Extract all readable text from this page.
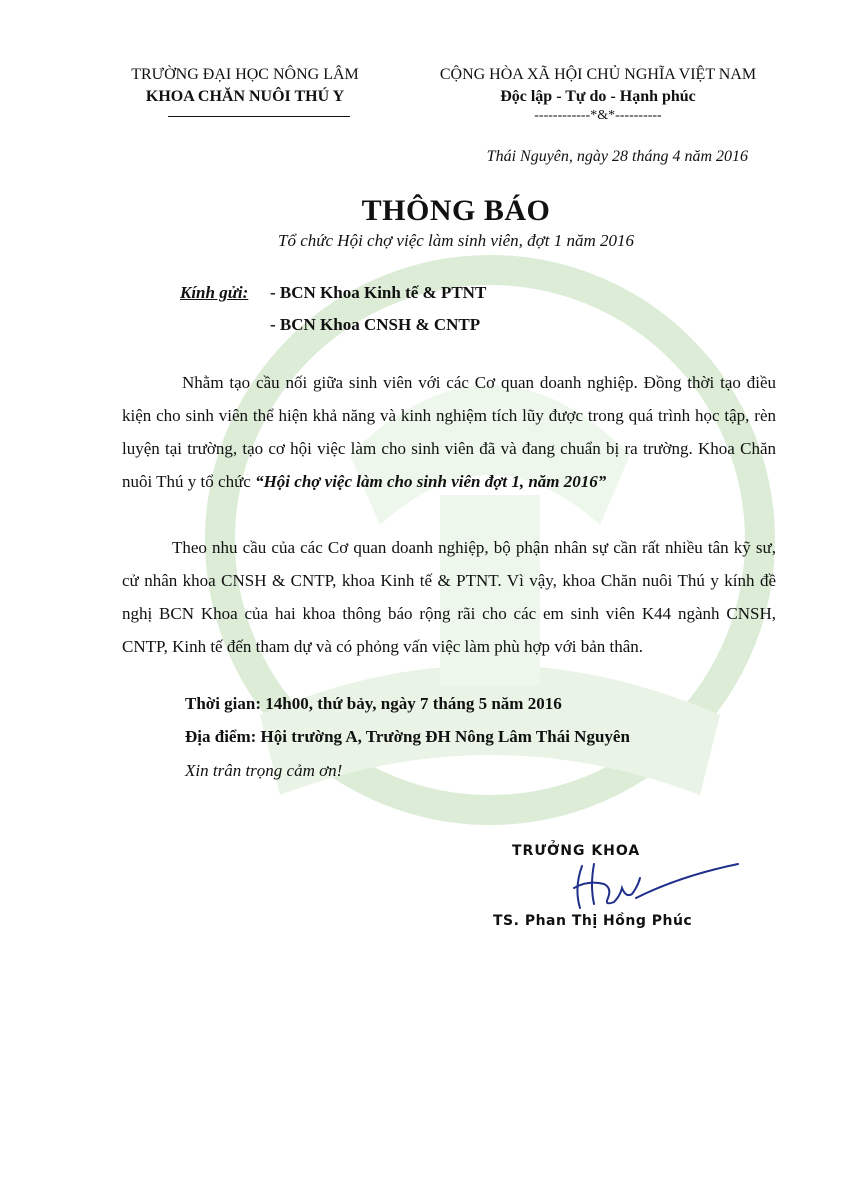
TRƯỜNG ĐẠI HỌC NÔNG LÂM
KHOA CHĂN NUÔI THÚ Y
CỘNG HÒA XÃ HỘI CHỦ NGHĨA VIỆT NAM
Độc lập - Tự do - Hạnh phúc
------------*&*----------
Thái Nguyên, ngày 28 tháng 4 năm 2016
THÔNG BÁO
Tổ chức Hội chợ việc làm sinh viên, đợt 1 năm 2016
Kính gửi: - BCN Khoa Kinh tế & PTNT
- BCN Khoa CNSH & CNTP
Nhằm tạo cầu nối giữa sinh viên với các Cơ quan doanh nghiệp. Đồng thời tạo điều kiện cho sinh viên thể hiện khả năng và kinh nghiệm tích lũy được trong quá trình học tập, rèn luyện tại trường, tạo cơ hội việc làm cho sinh viên đã và đang chuẩn bị ra trường. Khoa Chăn nuôi Thú y tổ chức “Hội chợ việc làm cho sinh viên đợt 1, năm 2016”
Theo nhu cầu của các Cơ quan doanh nghiệp, bộ phận nhân sự cần rất nhiều tân kỹ sư, cử nhân khoa CNSH & CNTP, khoa Kinh tế & PTNT. Vì vậy, khoa Chăn nuôi Thú y kính đề nghị BCN Khoa của hai khoa thông báo rộng rãi cho các em sinh viên K44 ngành CNSH, CNTP, Kinh tế đến tham dự và có phỏng vấn việc làm phù hợp với bản thân.
Thời gian: 14h00, thứ bảy, ngày 7 tháng 5 năm 2016
Địa điểm: Hội trường A, Trường ĐH Nông Lâm Thái Nguyên
Xin trân trọng cảm ơn!
TRƯỞNG KHOA
TS. Phan Thị Hồng Phúc
